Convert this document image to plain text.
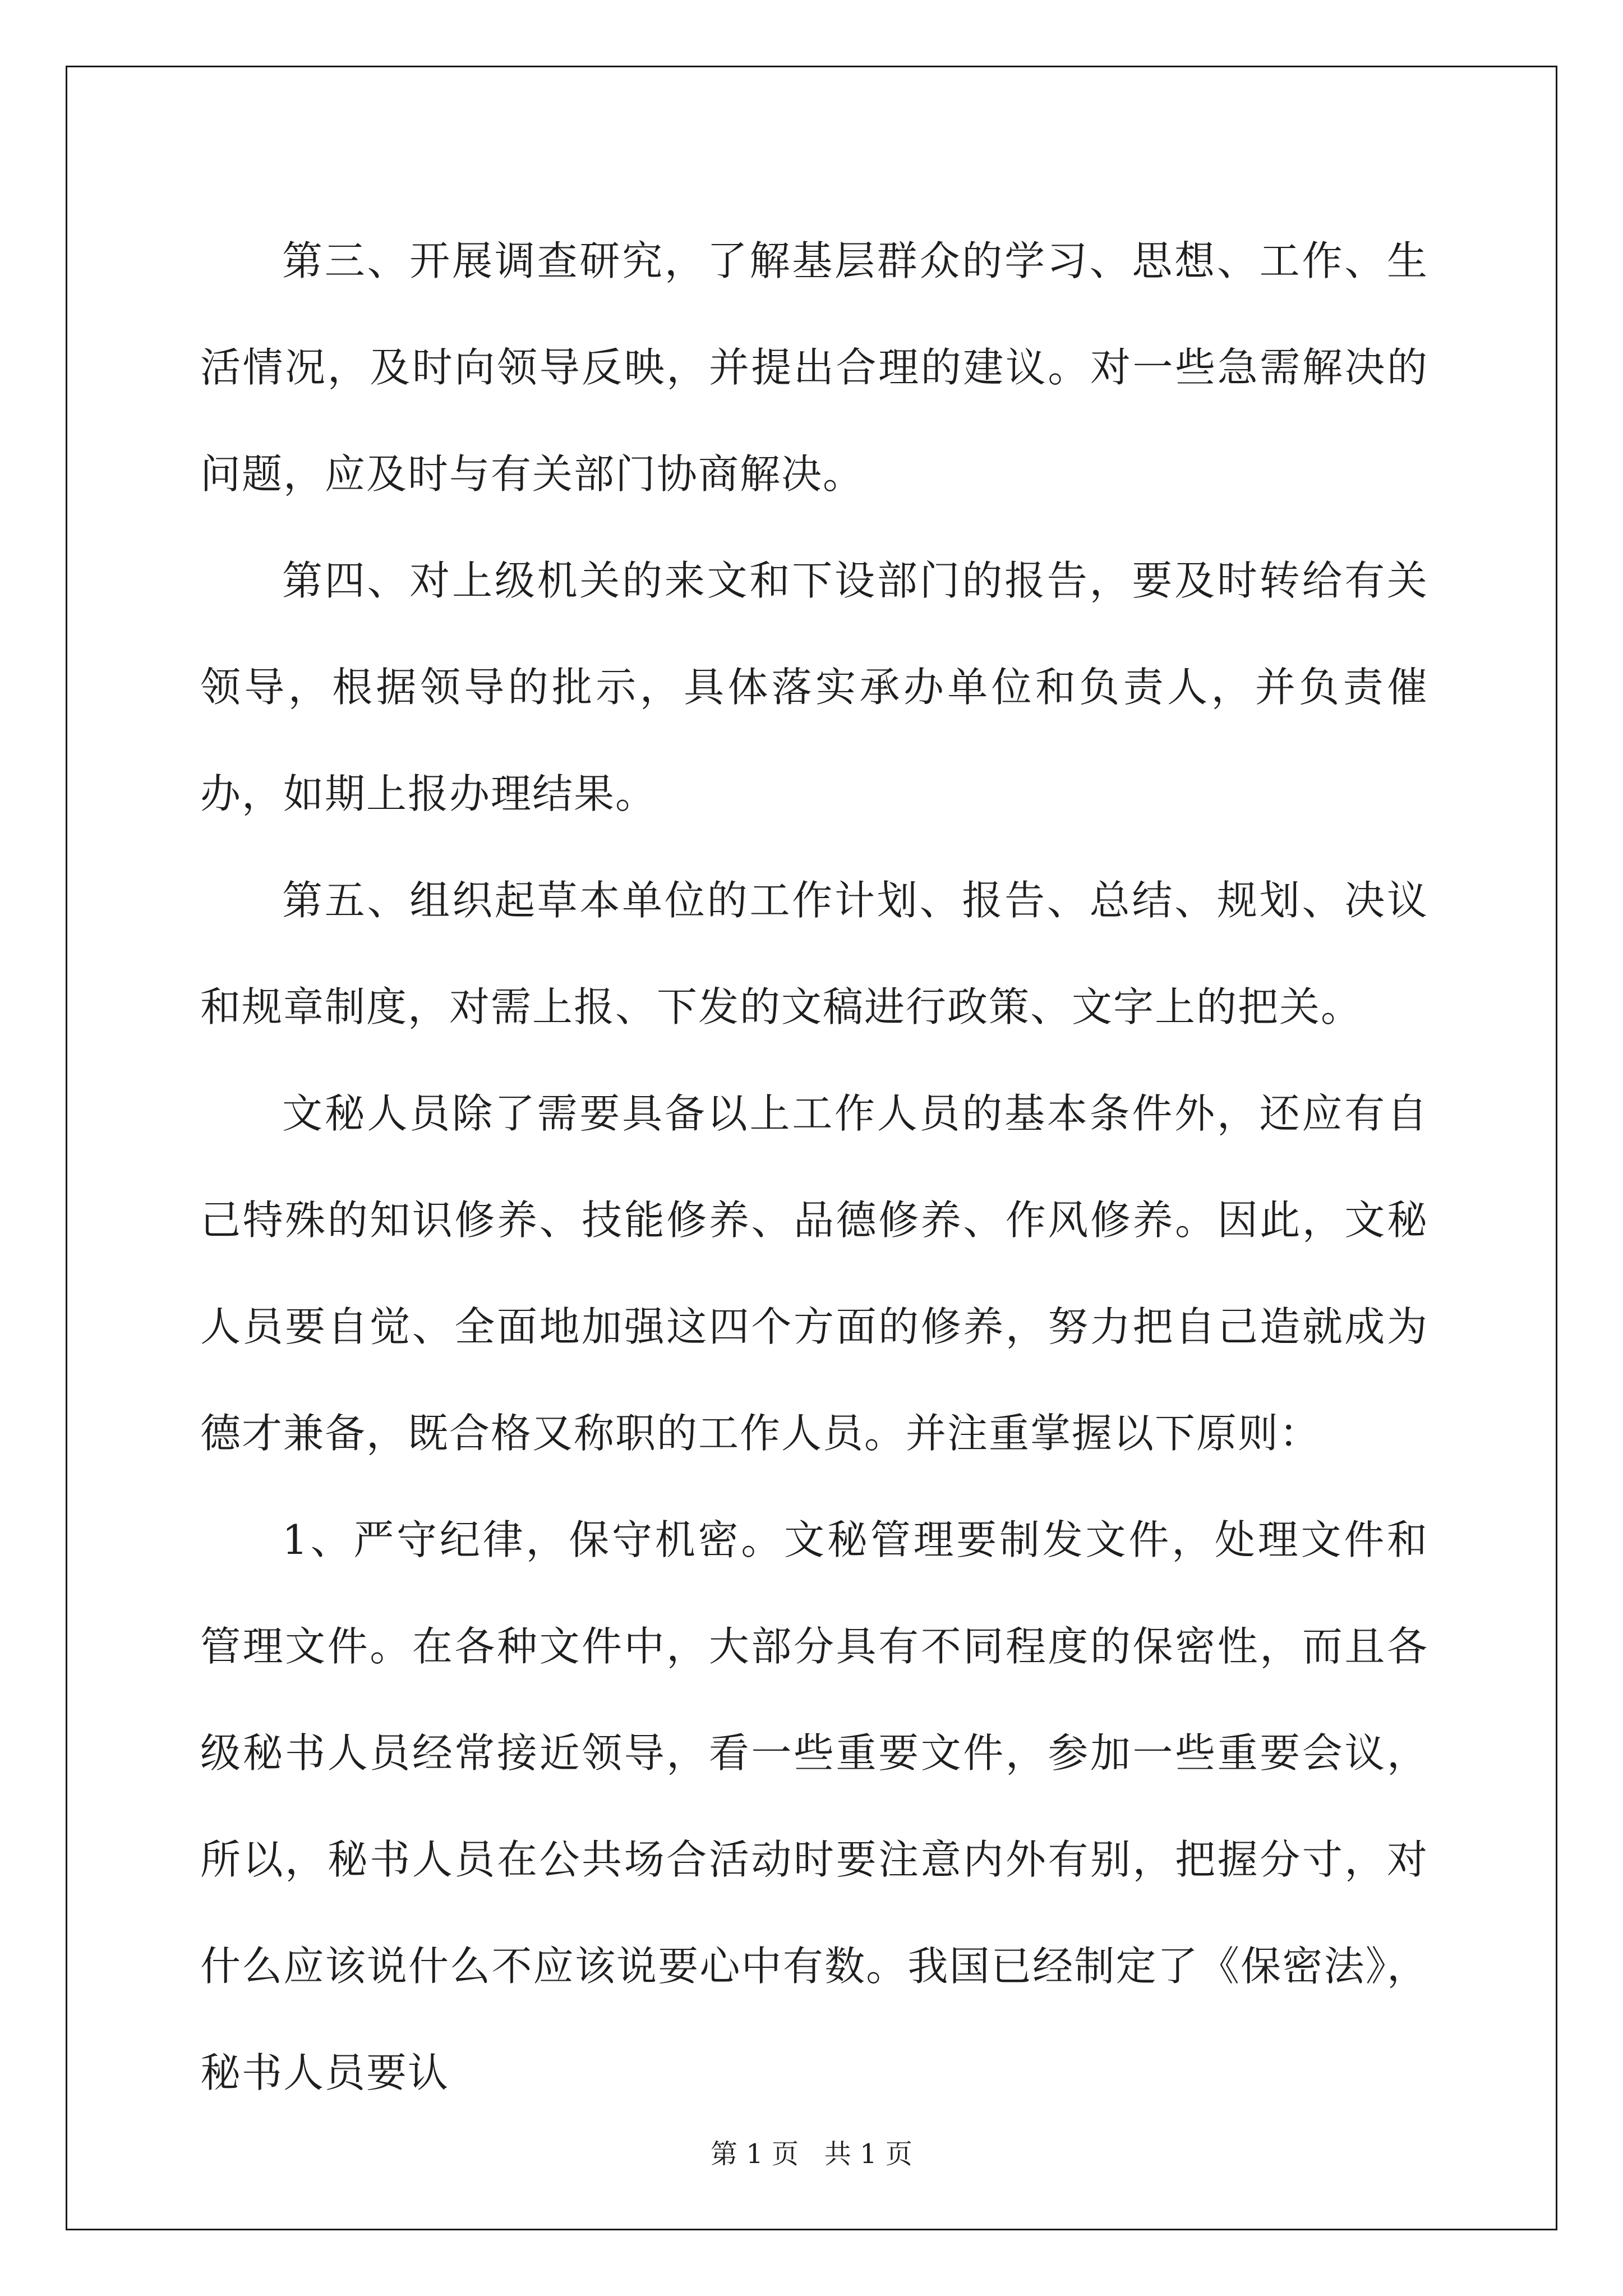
第三、开展调查研究，了解基层群众的学习、思想、工作、生活情况，及时向领导反映，并提出合理的建议。对一些急需解决的问题，应及时与有关部门协商解决。

第四、对上级机关的来文和下设部门的报告，要及时转给有关领导，根据领导的批示，具体落实承办单位和负责人，并负责催办，如期上报办理结果。

第五、组织起草本单位的工作计划、报告、总结、规划、决议和规章制度，对需上报、下发的文稿进行政策、文字上的把关。

文秘人员除了需要具备以上工作人员的基本条件外，还应有自己特殊的知识修养、技能修养、品德修养、作风修养。因此，文秘人员要自觉、全面地加强这四个方面的修养，努力把自己造就成为德才兼备，既合格又称职的工作人员。并注重掌握以下原则：

1、严守纪律，保守机密。文秘管理要制发文件，处理文件和管理文件。在各种文件中，大部分具有不同程度的保密性，而且各级秘书人员经常接近领导，看一些重要文件，参加一些重要会议，所以，秘书人员在公共场合活动时要注意内外有别，把握分寸，对什么应该说什么不应该说要心中有数。我国已经制定了《保密法》，秘书人员要认

第 1 页   共 1 页
